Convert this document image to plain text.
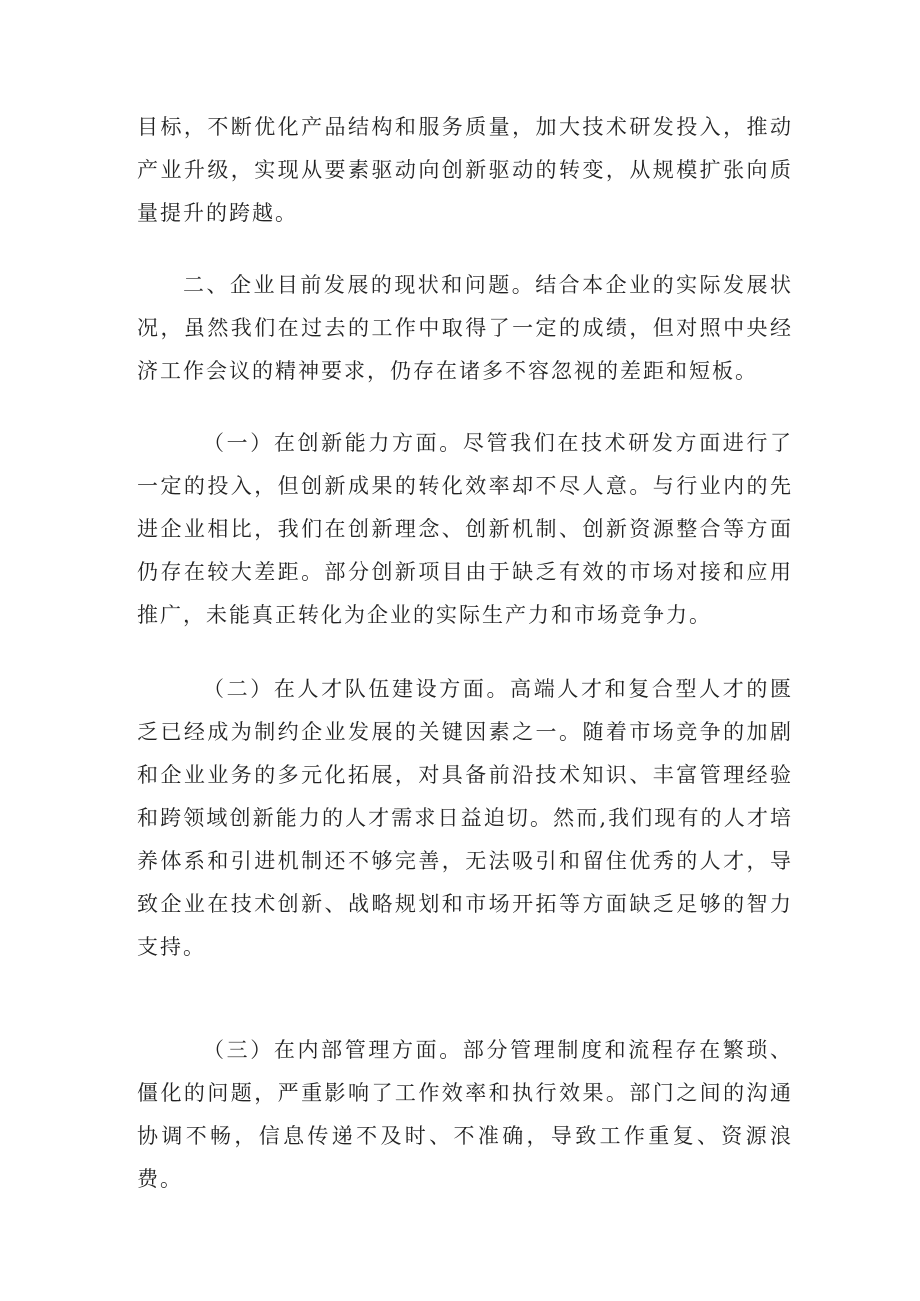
目标，不断优化产品结构和服务质量，加大技术研发投入，推动产业升级，实现从要素驱动向创新驱动的转变，从规模扩张向质量提升的跨越。

二、企业目前发展的现状和问题。结合本企业的实际发展状况，虽然我们在过去的工作中取得了一定的成绩，但对照中央经济工作会议的精神要求，仍存在诸多不容忽视的差距和短板。

（一）在创新能力方面。尽管我们在技术研发方面进行了一定的投入，但创新成果的转化效率却不尽人意。与行业内的先进企业相比，我们在创新理念、创新机制、创新资源整合等方面仍存在较大差距。部分创新项目由于缺乏有效的市场对接和应用推广，未能真正转化为企业的实际生产力和市场竞争力。

（二）在人才队伍建设方面。高端人才和复合型人才的匮乏已经成为制约企业发展的关键因素之一。随着市场竞争的加剧和企业业务的多元化拓展，对具备前沿技术知识、丰富管理经验和跨领域创新能力的人才需求日益迫切。然而,我们现有的人才培养体系和引进机制还不够完善，无法吸引和留住优秀的人才，导致企业在技术创新、战略规划和市场开拓等方面缺乏足够的智力支持。

（三）在内部管理方面。部分管理制度和流程存在繁琐、僵化的问题，严重影响了工作效率和执行效果。部门之间的沟通协调不畅，信息传递不及时、不准确，导致工作重复、资源浪费。
